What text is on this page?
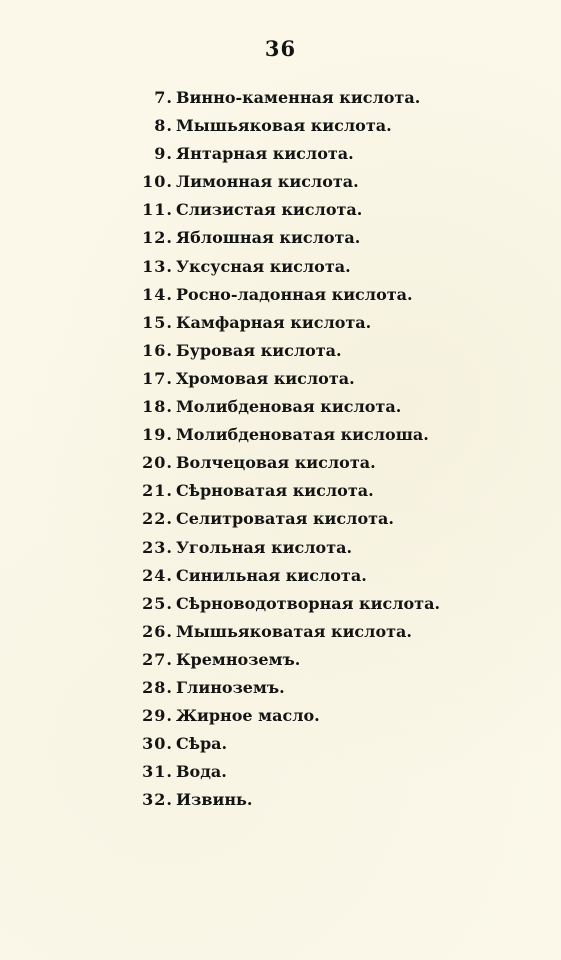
36
7. Винно-каменная кислота.
8. Мышьяковая кислота.
9. Янтарная кислота.
10. Лимонная кислота.
11. Слизистая кислота.
12. Яблошная кислота.
13. Уксусная кислота.
14. Росно-ладонная кислота.
15. Камфарная кислота.
16. Буровая кислота.
17. Хромовая кислота.
18. Молибденовая кислота.
19. Молибденоватая кислоша.
20. Волчецовая кислота.
21. Сѣрноватая кислота.
22. Селитроватая кислота.
23. Угольная кислота.
24. Синильная кислота.
25. Сѣрноводотворная кислота.
26. Мышьяковатая кислота.
27. Кремноземъ.
28. Глиноземъ.
29. Жирное масло.
30. Сѣра.
31. Вода.
32. Извинь.
